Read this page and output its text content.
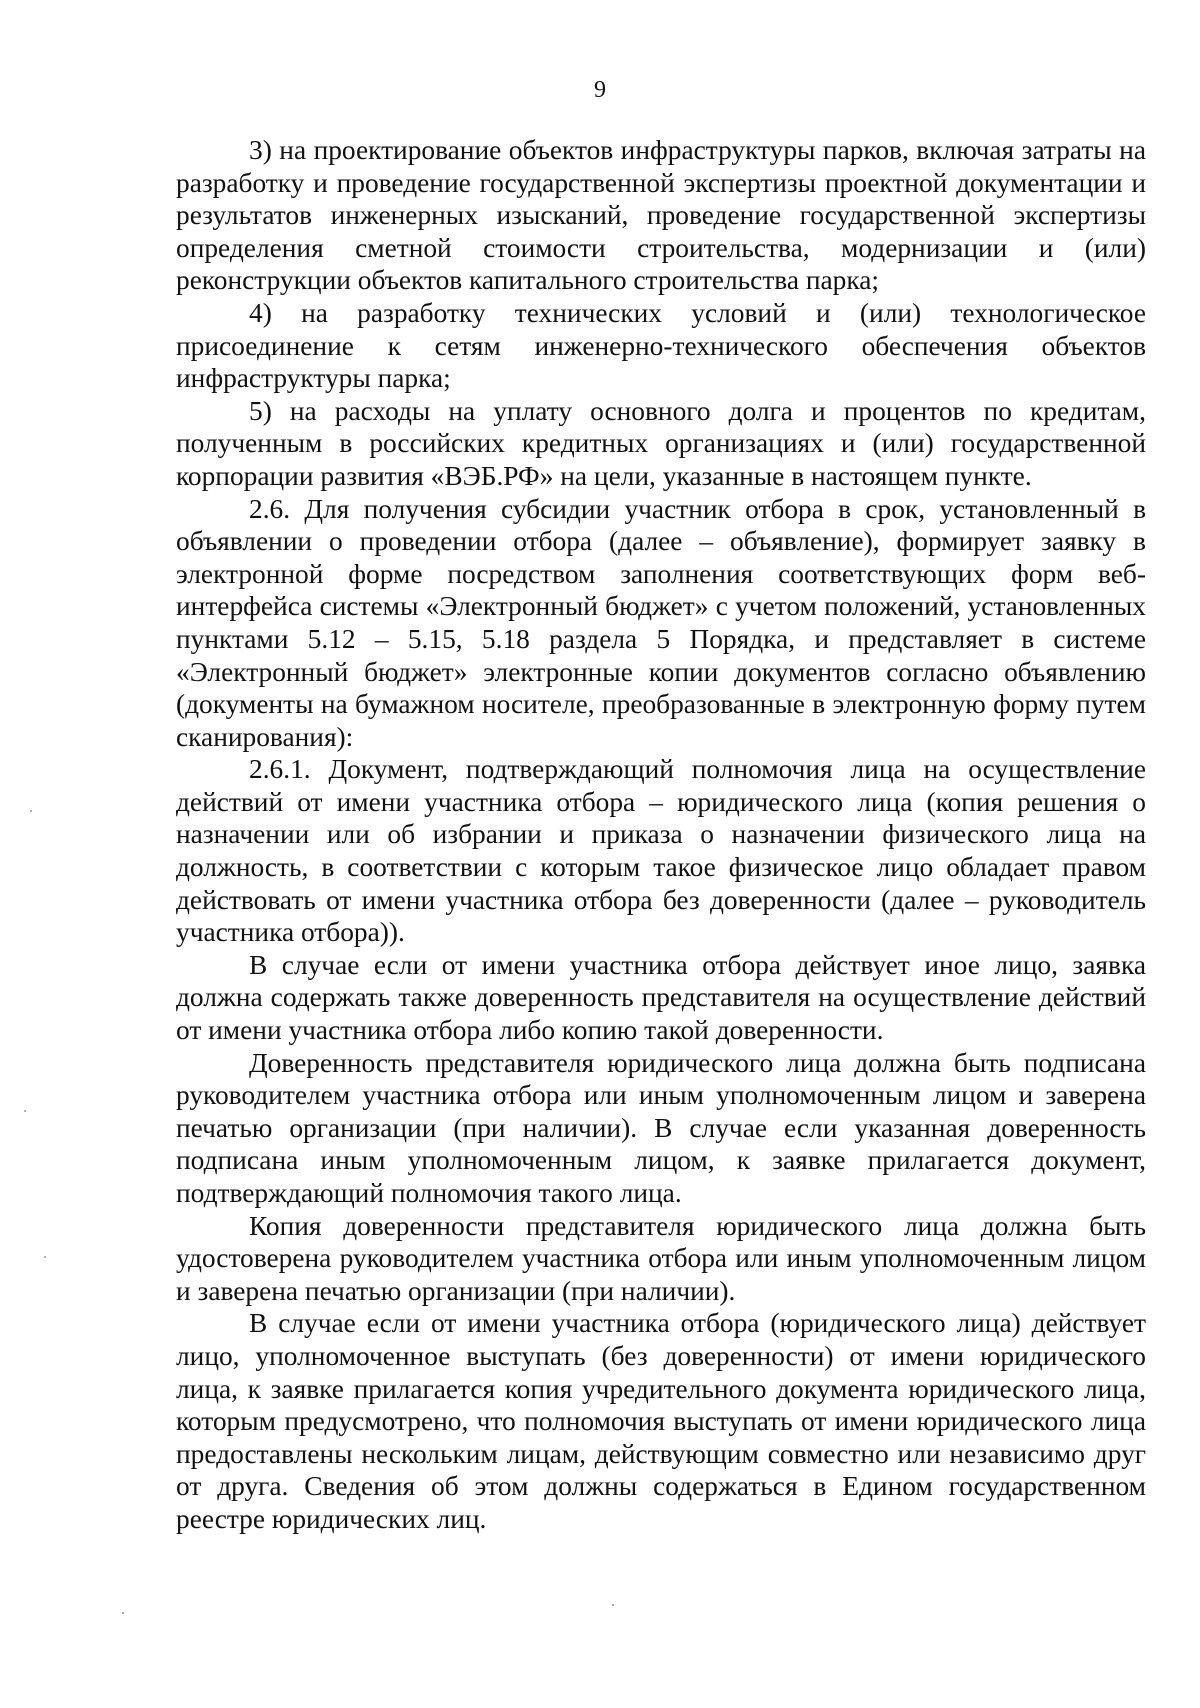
9

3) на проектирование объектов инфраструктуры парков, включая затраты на разработку и проведение государственной экспертизы проектной документации и результатов инженерных изысканий, проведение государственной экспертизы определения сметной стоимости строительства, модернизации и (или) реконструкции объектов капитального строительства парка;

4) на разработку технических условий и (или) технологическое присоединение к сетям инженерно-технического обеспечения объектов инфраструктуры парка;

5) на расходы на уплату основного долга и процентов по кредитам, полученным в российских кредитных организациях и (или) государственной корпорации развития «ВЭБ.РФ» на цели, указанные в настоящем пункте.

2.6. Для получения субсидии участник отбора в срок, установленный в объявлении о проведении отбора (далее – объявление), формирует заявку в электронной форме посредством заполнения соответствующих форм веб-интерфейса системы «Электронный бюджет» с учетом положений, установленных пунктами 5.12 – 5.15, 5.18 раздела 5 Порядка, и представляет в системе «Электронный бюджет» электронные копии документов согласно объявлению (документы на бумажном носителе, преобразованные в электронную форму путем сканирования):

2.6.1. Документ, подтверждающий полномочия лица на осуществление действий от имени участника отбора – юридического лица (копия решения о назначении или об избрании и приказа о назначении физического лица на должность, в соответствии с которым такое физическое лицо обладает правом действовать от имени участника отбора без доверенности (далее – руководитель участника отбора)).

В случае если от имени участника отбора действует иное лицо, заявка должна содержать также доверенность представителя на осуществление действий от имени участника отбора либо копию такой доверенности.

Доверенность представителя юридического лица должна быть подписана руководителем участника отбора или иным уполномоченным лицом и заверена печатью организации (при наличии). В случае если указанная доверенность подписана иным уполномоченным лицом, к заявке прилагается документ, подтверждающий полномочия такого лица.

Копия доверенности представителя юридического лица должна быть удостоверена руководителем участника отбора или иным уполномоченным лицом и заверена печатью организации (при наличии).

В случае если от имени участника отбора (юридического лица) действует лицо, уполномоченное выступать (без доверенности) от имени юридического лица, к заявке прилагается копия учредительного документа юридического лица, которым предусмотрено, что полномочия выступать от имени юридического лица предоставлены нескольким лицам, действующим совместно или независимо друг от друга. Сведения об этом должны содержаться в Едином государственном реестре юридических лиц.
